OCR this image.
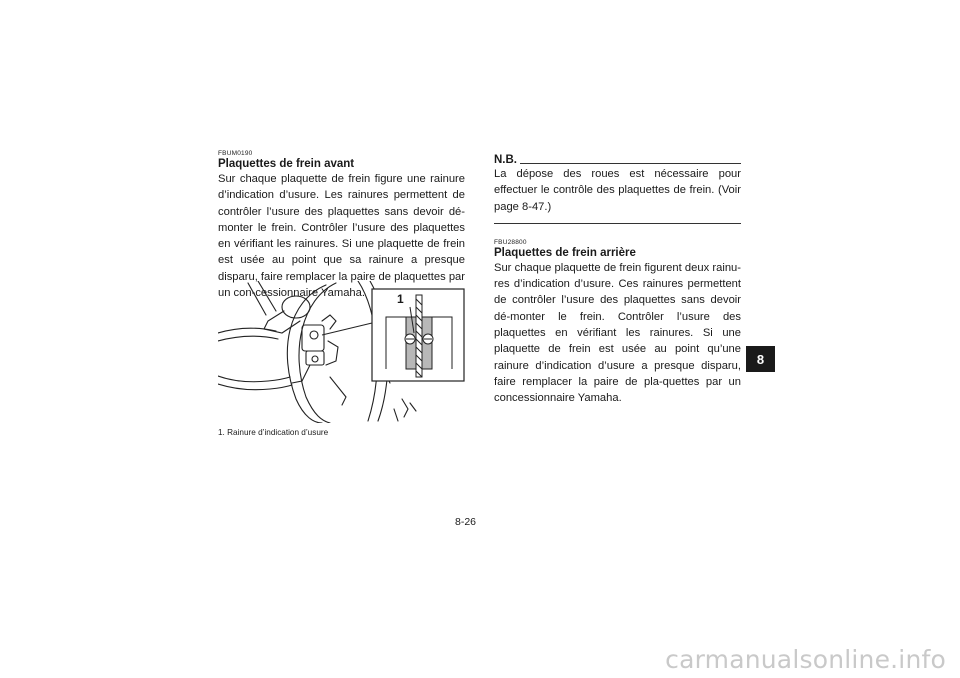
FBUM0190
Plaquettes de frein avant

Sur chaque plaquette de frein figure une rainure d’indication d’usure. Les rainures permettent de contrôler l’usure des plaquettes sans devoir dé-monter le frein. Contrôler l’usure des plaquettes en vérifiant les rainures. Si une plaquette de frein est usée au point que sa rainure a presque disparu, faire remplacer la paire de plaquettes par un con-cessionnaire Yamaha.	1
1. Rainure d’indication d’usure
N.B.

La dépose des roues est nécessaire pour effectuer le contrôle des plaquettes de frein. (Voir page 8-47.)

FBU28800
Plaquettes de frein arrière

Sur chaque plaquette de frein figurent deux rainu-res d’indication d’usure. Ces rainures permettent de contrôler l’usure des plaquettes sans devoir dé-monter le frein. Contrôler l’usure des plaquettes en vérifiant les rainures. Si une plaquette de frein est usée au point qu’une rainure d’indication d’usure a presque disparu, faire remplacer la paire de pla-quettes par un concessionnaire Yamaha.

8
8-26
carmanualsonline.info
